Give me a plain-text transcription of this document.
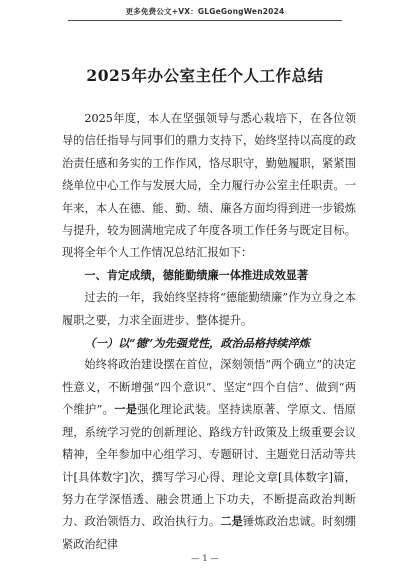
更多免费公文+VX：GLGeGongWen2024
2025年办公室主任个人工作总结

2025年度，本人在坚强领导与悉心栽培下，在各位领导的信任指导与同事们的鼎力支持下，始终坚持以高度的政治责任感和务实的工作作风，恪尽职守，勤勉履职，紧紧围绕单位中心工作与发展大局，全力履行办公室主任职责。一年来，本人在德、能、勤、绩、廉各方面均得到进一步锻炼与提升，较为圆满地完成了年度各项工作任务与既定目标。现将全年个人工作情况总结汇报如下：

一、肯定成绩，德能勤绩廉一体推进成效显著

过去的一年，我始终坚持将“德能勤绩廉”作为立身之本履职之要，力求全面进步、整体提升。

（一）以“德”为先强党性，政治品格持续淬炼

始终将政治建设摆在首位，深刻领悟“两个确立”的决定性意义，不断增强“四个意识”、坚定“四个自信”、做到“两个维护”。一是强化理论武装。坚持读原著、学原文、悟原理，系统学习党的创新理论、路线方针政策及上级重要会议精神，全年参加中心组学习、专题研讨、主题党日活动等共计[具体数字]次，撰写学习心得、理论文章[具体数字]篇，努力在学深悟透、融会贯通上下功夫，不断提高政治判断力、政治领悟力、政治执行力。二是锤炼政治忠诚。时刻绷紧政治纪律

— 1 —
